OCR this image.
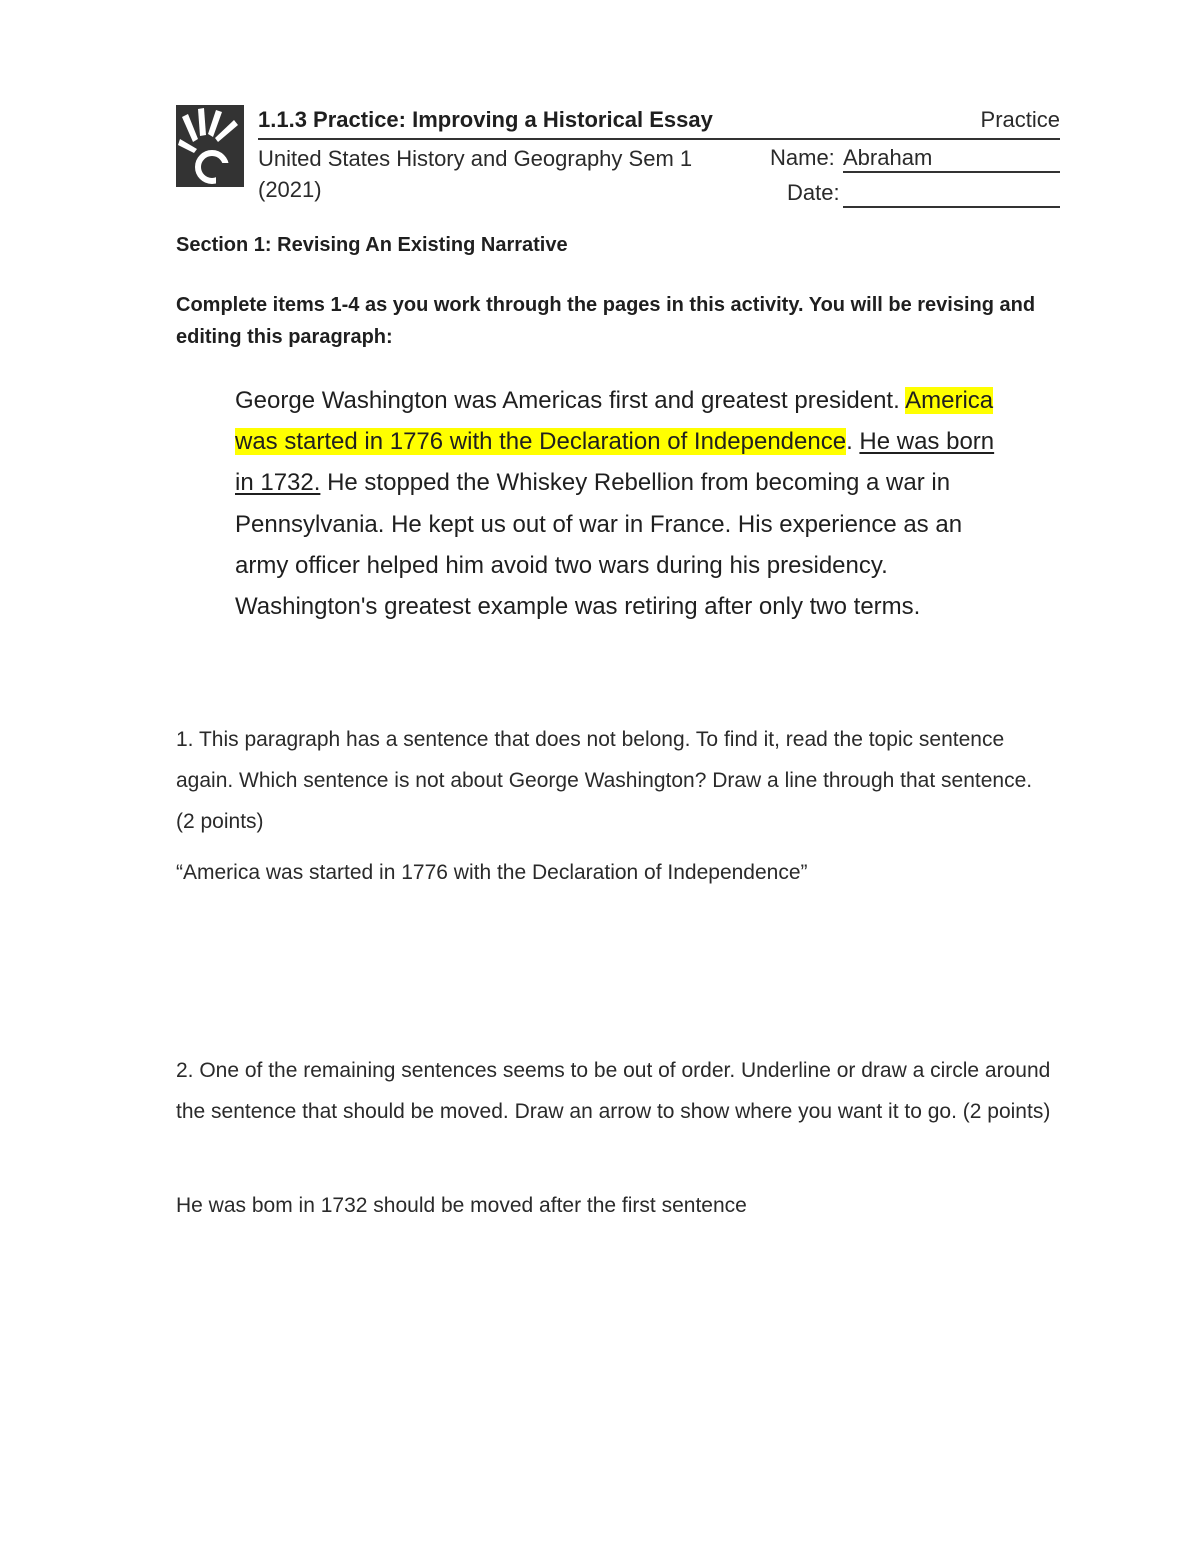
1.1.3 Practice: Improving a Historical Essay	Practice
United States History and Geography Sem 1 (2021)
Name: Abraham
Date:
Section 1: Revising An Existing Narrative
Complete items 1-4 as you work through the pages in this activity. You will be revising and editing this paragraph:
George Washington was Americas first and greatest president. America was started in 1776 with the Declaration of Independence. He was born in 1732. He stopped the Whiskey Rebellion from becoming a war in Pennsylvania. He kept us out of war in France. His experience as an army officer helped him avoid two wars during his presidency. Washington's greatest example was retiring after only two terms.
1. This paragraph has a sentence that does not belong. To find it, read the topic sentence again. Which sentence is not about George Washington? Draw a line through that sentence. (2 points)
“America was started in 1776 with the Declaration of Independence”
2. One of the remaining sentences seems to be out of order. Underline or draw a circle around the sentence that should be moved. Draw an arrow to show where you want it to go. (2 points)
He was bom in 1732 should be moved after the first sentence
